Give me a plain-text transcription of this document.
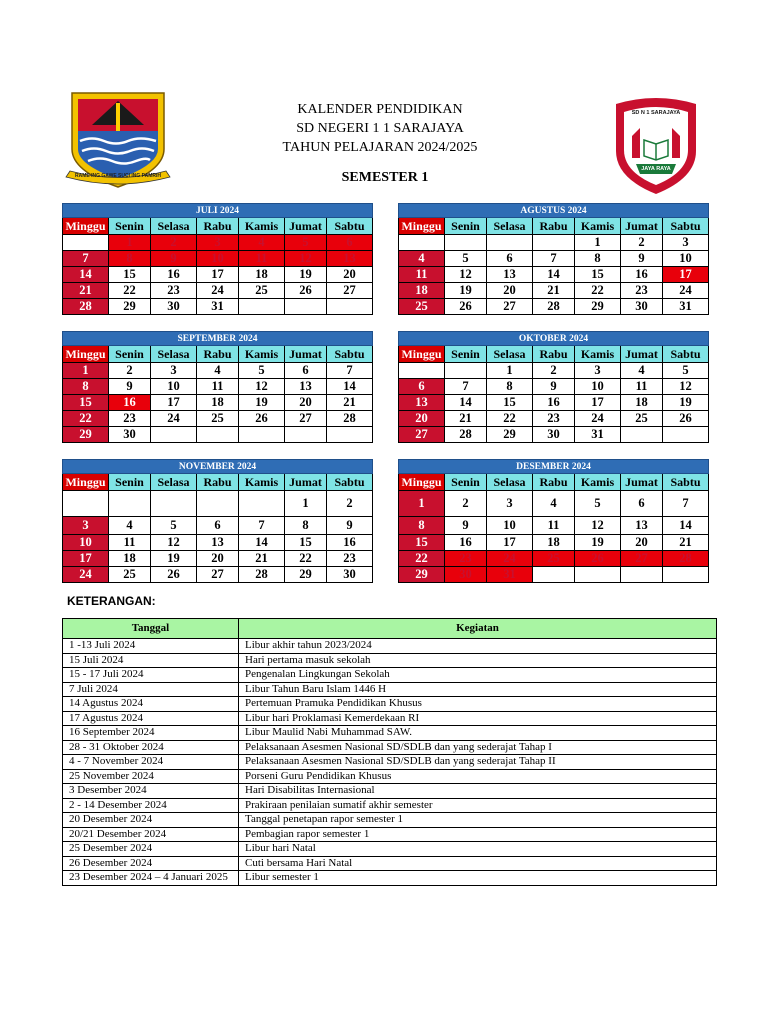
RAME ING GAWE SUCI ING PAMRIH
KALENDER PENDIDIKAN
SD NEGERI 1 1 SARAJAYA
TAHUN PELAJARAN 2024/2025
SEMESTER 1
SD N 1 SARAJAYA
JAYA RAYA
JULI 2024						
Minggu	Senin	Selasa	Rabu	Kamis	Jumat	Sabtu
	1	2	3	4	5	6
7	8	9	10	11	12	13
14	15	16	17	18	19	20
21	22	23	24	25	26	27
28	29	30	31			
AGUSTUS 2024						
Minggu	Senin	Selasa	Rabu	Kamis	Jumat	Sabtu
				1	2	3
4	5	6	7	8	9	10
11	12	13	14	15	16	17
18	19	20	21	22	23	24
25	26	27	28	29	30	31
SEPTEMBER 2024						
Minggu	Senin	Selasa	Rabu	Kamis	Jumat	Sabtu
1	2	3	4	5	6	7
8	9	10	11	12	13	14
15	16	17	18	19	20	21
22	23	24	25	26	27	28
29	30					
OKTOBER 2024						
Minggu	Senin	Selasa	Rabu	Kamis	Jumat	Sabtu
		1	2	3	4	5
6	7	8	9	10	11	12
13	14	15	16	17	18	19
20	21	22	23	24	25	26
27	28	29	30	31		
NOVEMBER 2024						
Minggu	Senin	Selasa	Rabu	Kamis	Jumat	Sabtu
					1	2
3	4	5	6	7	8	9
10	11	12	13	14	15	16
17	18	19	20	21	22	23
24	25	26	27	28	29	30
DESEMBER 2024						
Minggu	Senin	Selasa	Rabu	Kamis	Jumat	Sabtu
1	2	3	4	5	6	7
8	9	10	11	12	13	14
15	16	17	18	19	20	21
22	23	24	25	26	27	28
29	30	31				
KETERANGAN:
Tanggal	Kegiatan
1 -13 Juli 2024	Libur akhir tahun 2023/2024
15 Juli 2024	Hari pertama masuk sekolah
15 - 17 Juli 2024	Pengenalan Lingkungan Sekolah
7 Juli 2024	Libur Tahun Baru Islam 1446 H
14 Agustus 2024	Pertemuan Pramuka Pendidikan Khusus
17 Agustus 2024	Libur hari Proklamasi Kemerdekaan RI
16 September 2024	Libur Maulid Nabi Muhammad SAW.
28 - 31 Oktober 2024	Pelaksanaan Asesmen Nasional SD/SDLB dan yang sederajat Tahap I
4 - 7 November 2024	Pelaksanaan Asesmen Nasional SD/SDLB dan yang sederajat Tahap II
25 November 2024	Porseni Guru Pendidikan Khusus
3 Desember 2024	Hari Disabilitas Internasional
2 - 14 Desember 2024	Prakiraan penilaian sumatif akhir semester
20 Desember 2024	Tanggal penetapan rapor semester 1
20/21 Desember 2024	Pembagian rapor semester 1
25 Desember 2024	Libur hari Natal
26 Desember 2024	Cuti bersama Hari Natal
23 Desember 2024 – 4 Januari 2025	Libur semester 1
